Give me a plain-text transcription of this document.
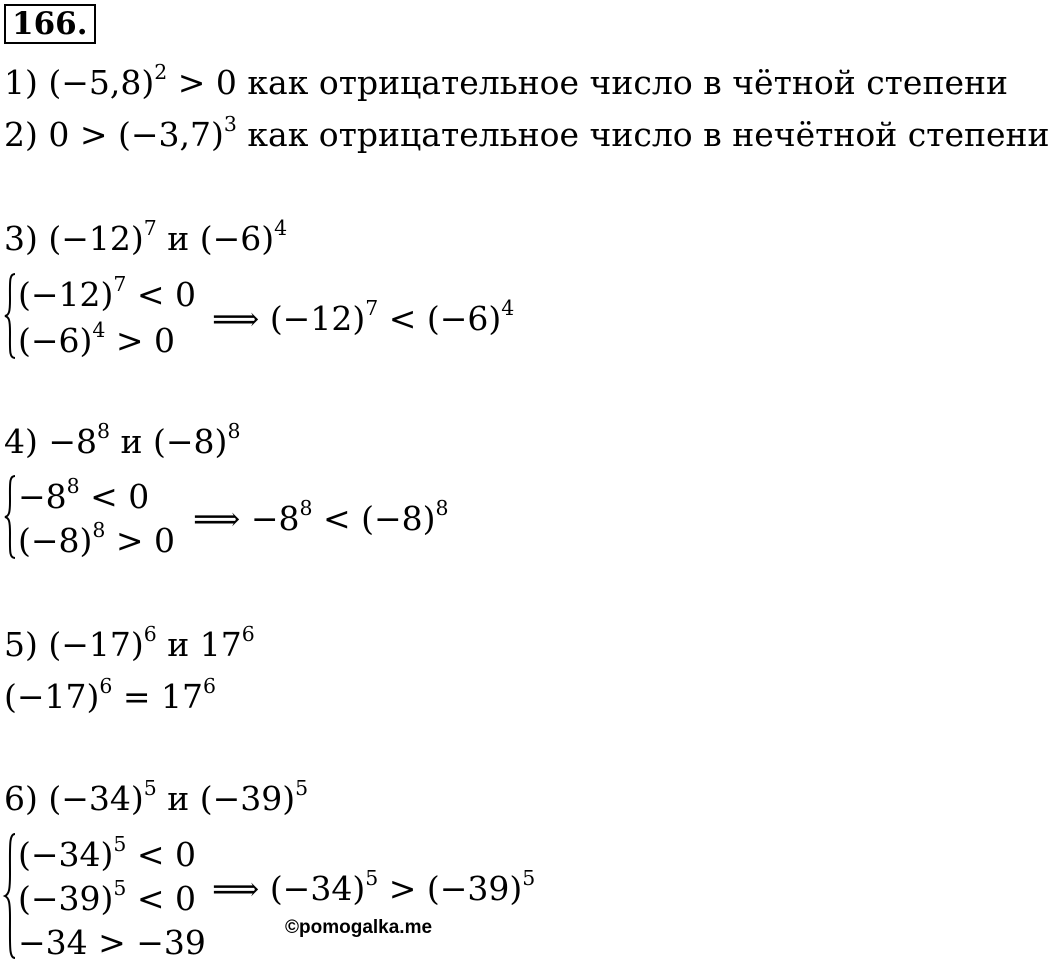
166.
1) $(-5,8)^2 > 0$ как отрицательное число в чётной степени
2) $0 > (-3,7)^3$ как отрицательное число в нечётной степени
3) $(-12)^7$ и $(-6)^4$
$(-12)^7 < 0$
$(-6)^4 > 0$
⟹ $(-12)^7 < (-6)^4$
$4) -8^8$ и $(-8)^8$
$-8^8 < 0$
$(-8)^8 > 0$
⟹ $-8^8 < (-8)^8$
5) $(-17)^6$ и $17^6$
$(-17)^6 = 17^6$
6) $(-34)^5$ и $(-39)^5$
$(-34)^5 < 0$
$(-39)^5 < 0$
−34 > −39
⟹ $(-34)^5 > (-39)^5$
©pomogalka.me
